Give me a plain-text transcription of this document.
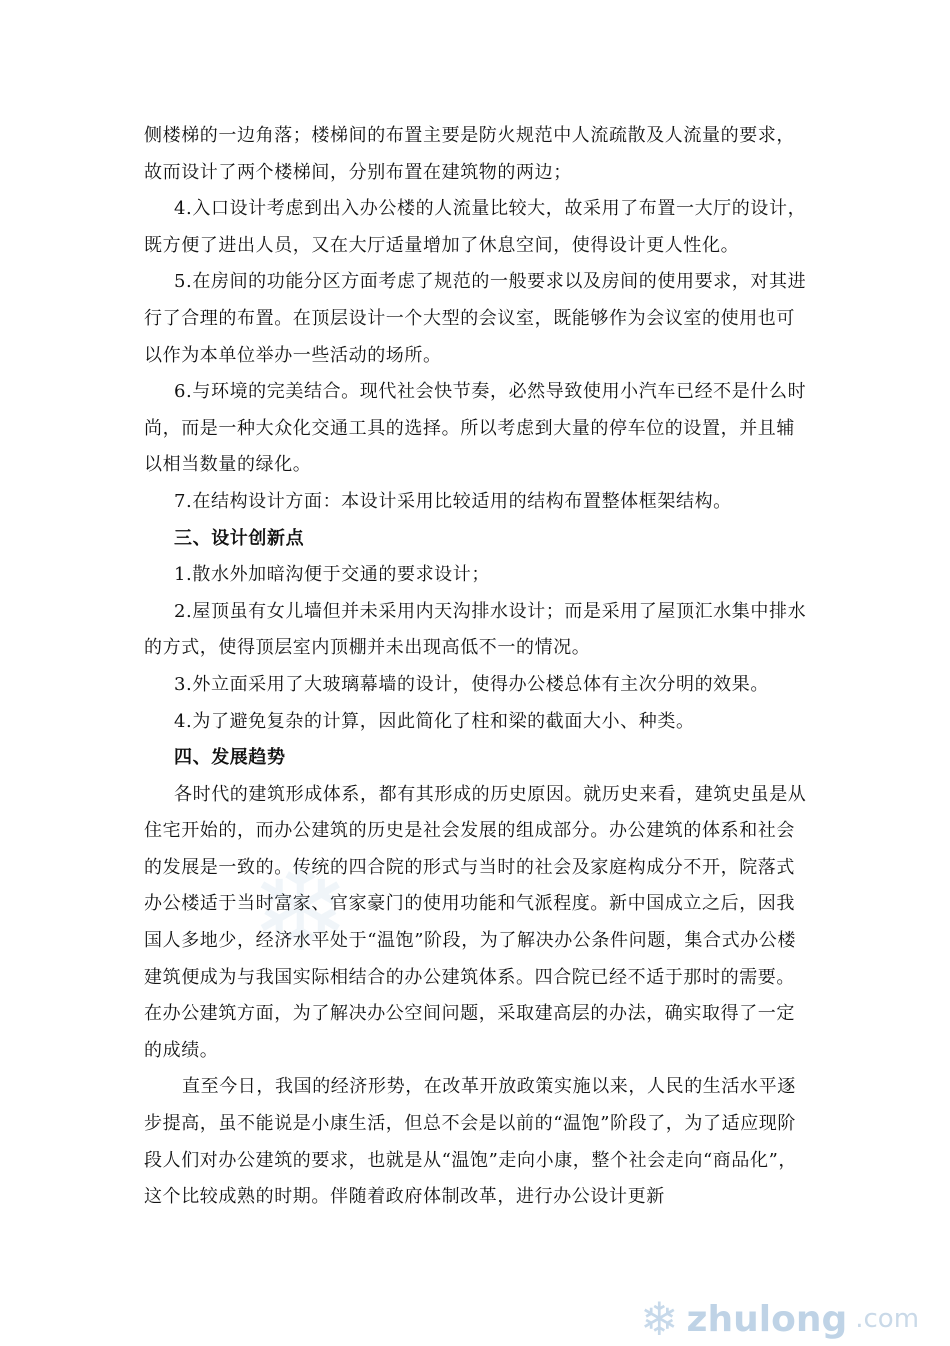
❄

侧楼梯的一边角落；楼梯间的布置主要是防火规范中人流疏散及人流量的要求，故而设计了两个楼梯间，分别布置在建筑物的两边；

4.入口设计考虑到出入办公楼的人流量比较大，故采用了布置一大厅的设计，既方便了进出人员，又在大厅适量增加了休息空间，使得设计更人性化。

5.在房间的功能分区方面考虑了规范的一般要求以及房间的使用要求，对其进行了合理的布置。在顶层设计一个大型的会议室，既能够作为会议室的使用也可以作为本单位举办一些活动的场所。

6.与环境的完美结合。现代社会快节奏，必然导致使用小汽车已经不是什么时尚，而是一种大众化交通工具的选择。所以考虑到大量的停车位的设置，并且辅以相当数量的绿化。

7.在结构设计方面：本设计采用比较适用的结构布置整体框架结构。

三、设计创新点

1.散水外加暗沟便于交通的要求设计；

2.屋顶虽有女儿墙但并未采用内天沟排水设计；而是采用了屋顶汇水集中排水的方式，使得顶层室内顶棚并未出现高低不一的情况。

3.外立面采用了大玻璃幕墙的设计，使得办公楼总体有主次分明的效果。

4.为了避免复杂的计算，因此简化了柱和梁的截面大小、种类。

四、发展趋势

各时代的建筑形成体系，都有其形成的历史原因。就历史来看，建筑史虽是从住宅开始的，而办公建筑的历史是社会发展的组成部分。办公建筑的体系和社会的发展是一致的。传统的四合院的形式与当时的社会及家庭构成分不开，院落式办公楼适于当时富家、官家豪门的使用功能和气派程度。新中国成立之后，因我国人多地少，经济水平处于“温饱”阶段，为了解决办公条件问题，集合式办公楼建筑便成为与我国实际相结合的办公建筑体系。四合院已经不适于那时的需要。在办公建筑方面，为了解决办公空间问题，采取建高层的办法，确实取得了一定的成绩。

直至今日，我国的经济形势，在改革开放政策实施以来，人民的生活水平逐步提高，虽不能说是小康生活，但总不会是以前的“温饱”阶段了，为了适应现阶段人们对办公建筑的要求，也就是从“温饱”走向小康，整个社会走向“商品化”，这个比较成熟的时期。伴随着政府体制改革，进行办公设计更新

❄ zhulong .com
